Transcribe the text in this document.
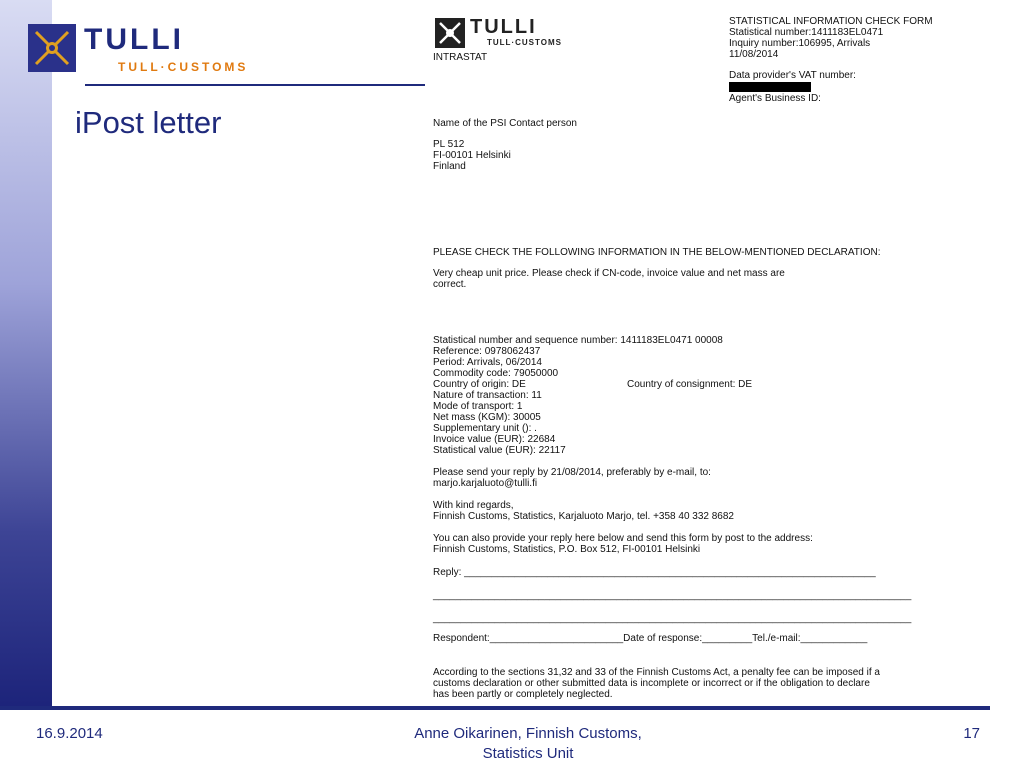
TULLI
TULL·CUSTOMS
iPost letter
TULLI
TULL·CUSTOMS
INTRASTAT
STATISTICAL INFORMATION CHECK FORM
Statistical number:1411183EL0471
Inquiry number:106995, Arrivals
11/08/2014
Data provider's VAT number:
Agent's Business ID:
Name of the PSI Contact person
PL 512
FI-00101 Helsinki
Finland
PLEASE CHECK THE FOLLOWING INFORMATION IN THE BELOW-MENTIONED DECLARATION:
Very cheap unit price. Please check if CN-code, invoice value and net mass are
correct.
Statistical number and sequence number: 1411183EL0471 00008
Reference: 0978062437
Period: Arrivals, 06/2014
Commodity code: 79050000
Country of origin: DE	Country of consignment: DE
Nature of transaction: 11
Mode of transport: 1
Net mass (KGM): 30005
Supplementary unit (): .
Invoice value (EUR): 22684
Statistical value (EUR): 22117
Please send your reply by 21/08/2014, preferably by e-mail, to:
marjo.karjaluoto@tulli.fi
With kind regards,
Finnish Customs, Statistics, Karjaluoto Marjo, tel. +358 40 332 8682
You can also provide your reply here below and send this form by post to the address:
Finnish Customs, Statistics, P.O. Box 512, FI-00101 Helsinki
Reply: __________________________________________________________________________
______________________________________________________________________________________
______________________________________________________________________________________
Respondent:________________________Date of response:_________Tel./e-mail:____________
According to the sections 31,32 and 33 of the Finnish Customs Act, a penalty fee can be imposed if a
customs declaration or other submitted data is incomplete or incorrect or if the obligation to declare
has been partly or completely neglected.
16.9.2014	Anne Oikarinen, Finnish Customs,
Statistics Unit
17
